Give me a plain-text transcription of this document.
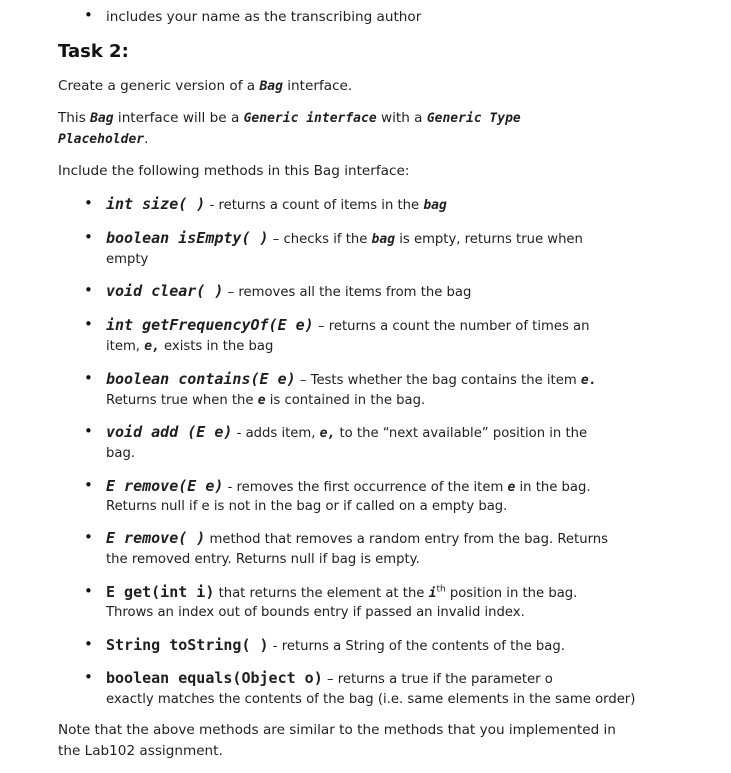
• includes your name as the transcribing author
Task 2:
Create a generic version of a Bag interface.
This Bag interface will be a Generic interface with a Generic Type
Placeholder.
Include the following methods in this Bag interface:
• int size( ) - returns a count of items in the bag
• boolean isEmpty( ) – checks if the bag is empty, returns true when
empty
• void clear( ) – removes all the items from the bag
• int getFrequencyOf(E e) – returns a count the number of times an
item, e, exists in the bag
• boolean contains(E e) – Tests whether the bag contains the item e.
Returns true when the e is contained in the bag.
• void add (E e) - adds item, e, to the “next available” position in the
bag.
• E remove(E e) - removes the first occurrence of the item e in the bag.
Returns null if e is not in the bag or if called on a empty bag.
• E remove( ) method that removes a random entry from the bag. Returns
the removed entry. Returns null if bag is empty.
• E get(int i) that returns the element at the $i^{th}$ position in the bag.
Throws an index out of bounds entry if passed an invalid index.
• String toString( ) - returns a String of the contents of the bag.
• boolean equals(Object o) – returns a true if the parameter o
exactly matches the contents of the bag (i.e. same elements in the same order)
Note that the above methods are similar to the methods that you implemented in
the Lab102 assignment.
